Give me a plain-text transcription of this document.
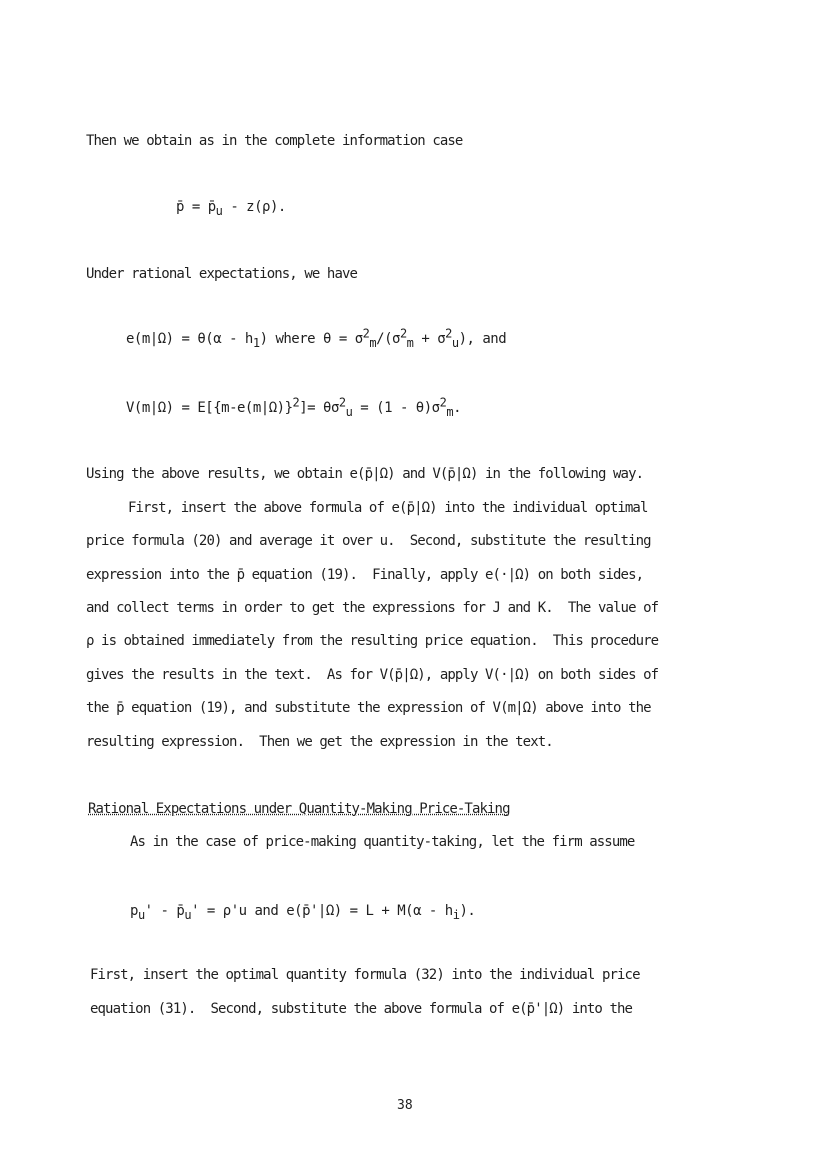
Then we obtain as in the complete information case
p̄ = $p̄_u - z(\rho)$.
Under rational expectations, we have
$e(m|\Omega) = \theta(\alpha - h_1)$ where $\theta = \sigma^2_m/(\sigma^2_m + \sigma^2_u)$, and
$V(m|\Omega) = E[\{m-e(m|\Omega)\}^2]= \theta\sigma^2_u = (1 - \theta)\sigma^2_m$.
Using the above results, we obtain e(p̄|Ω) and V(p̄|Ω) in the following way.
First, insert the above formula of e(p̄|Ω) into the individual optimal
price formula (20) and average it over u.  Second, substitute the resulting
expression into the p̄ equation (19).  Finally, apply e(·|Ω) on both sides,
and collect terms in order to get the expressions for J and K.  The value of
ρ is obtained immediately from the resulting price equation.  This procedure
gives the results in the text.  As for V(p̄|Ω), apply V(·|Ω) on both sides of
the p̄ equation (19), and substitute the expression of V(m|Ω) above into the
resulting expression.  Then we get the expression in the text.
Rational Expectations under Quantity-Making Price-Taking
As in the case of price-making quantity-taking, let the firm assume
$p_u'$ - $p̄_u' = \rho'u$ and e(p̄'|Ω) = $L + M(\alpha - h_i)$.
First, insert the optimal quantity formula (32) into the individual price
equation (31).  Second, substitute the above formula of e(p̄'|Ω) into the
38
